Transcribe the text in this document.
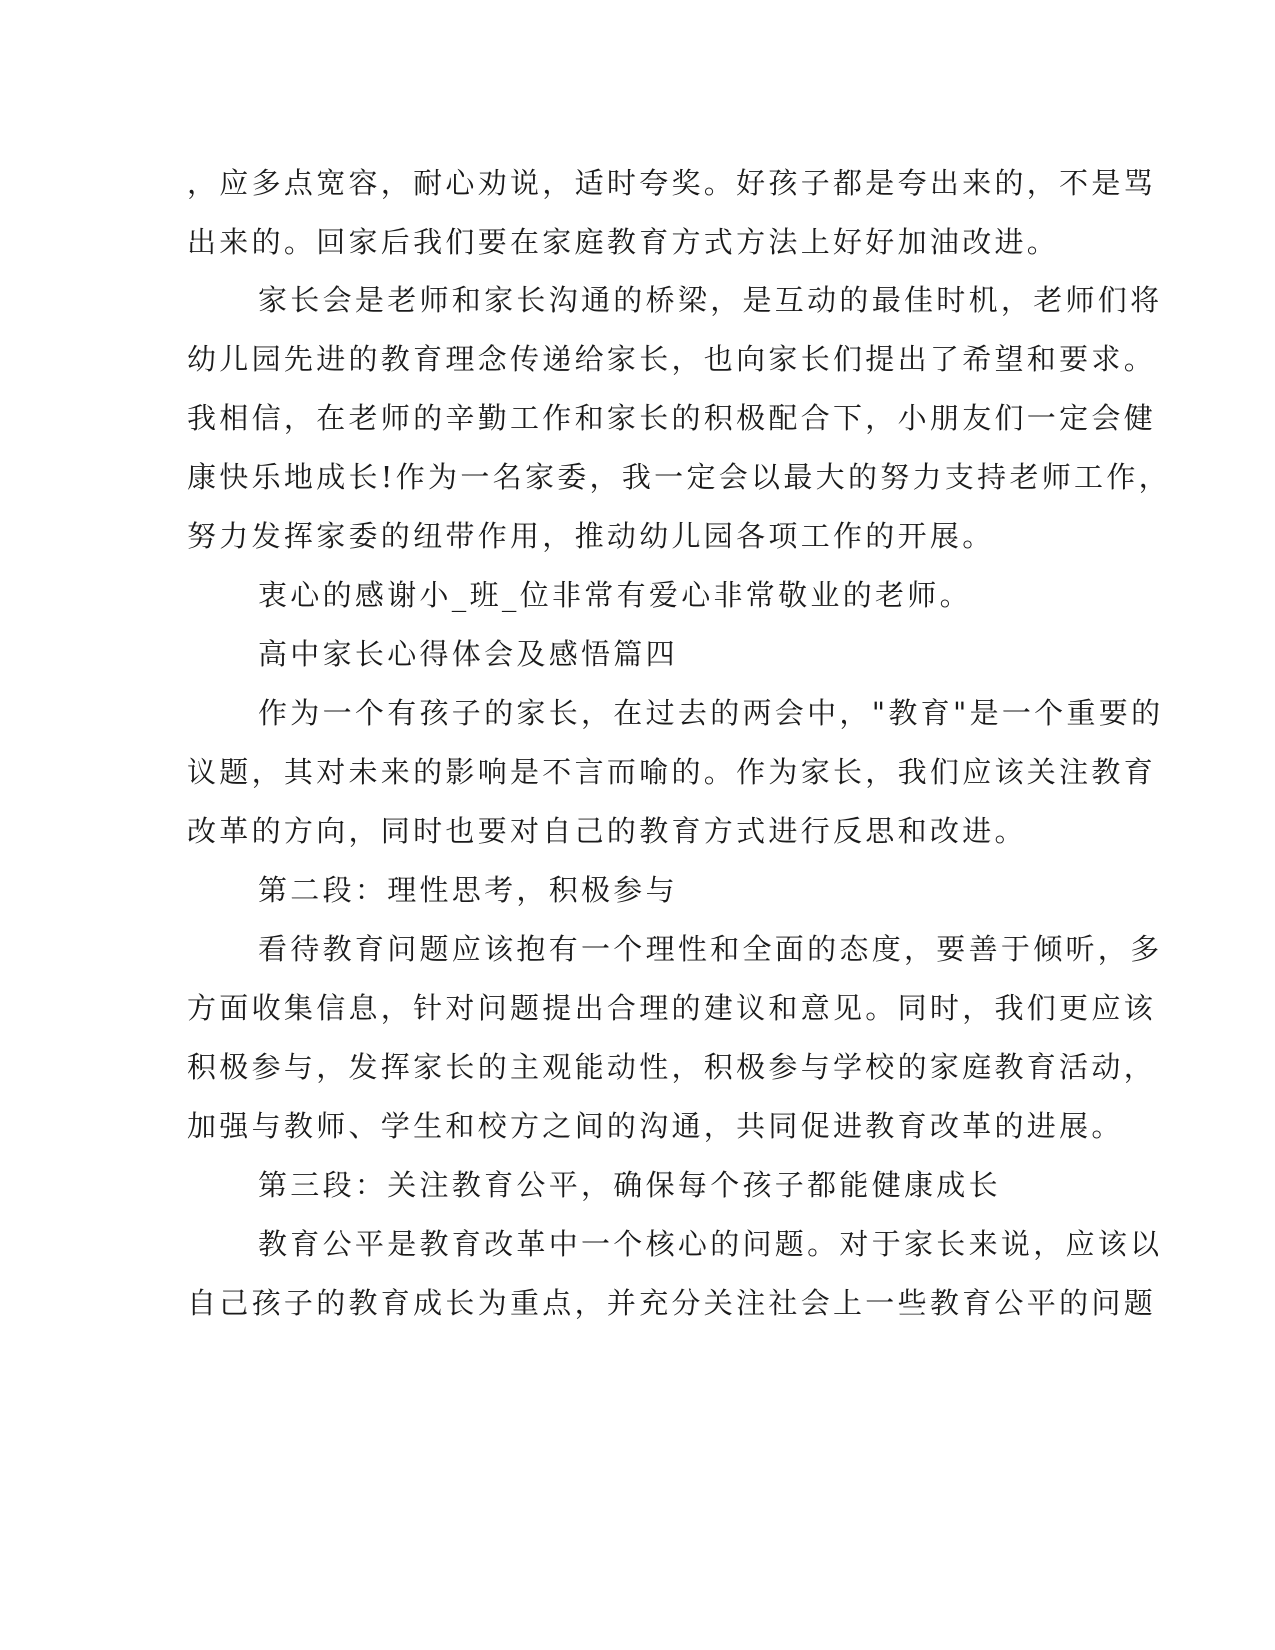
，应多点宽容，耐心劝说，适时夸奖。好孩子都是夸出来的，不是骂
出来的。回家后我们要在家庭教育方式方法上好好加油改进。
家长会是老师和家长沟通的桥梁，是互动的最佳时机，老师们将
幼儿园先进的教育理念传递给家长，也向家长们提出了希望和要求。
我相信，在老师的辛勤工作和家长的积极配合下，小朋友们一定会健
康快乐地成长!作为一名家委，我一定会以最大的努力支持老师工作，
努力发挥家委的纽带作用，推动幼儿园各项工作的开展。
衷心的感谢小_班_位非常有爱心非常敬业的老师。
高中家长心得体会及感悟篇四
作为一个有孩子的家长，在过去的两会中，"教育"是一个重要的
议题，其对未来的影响是不言而喻的。作为家长，我们应该关注教育
改革的方向，同时也要对自己的教育方式进行反思和改进。
第二段：理性思考，积极参与
看待教育问题应该抱有一个理性和全面的态度，要善于倾听，多
方面收集信息，针对问题提出合理的建议和意见。同时，我们更应该
积极参与，发挥家长的主观能动性，积极参与学校的家庭教育活动，
加强与教师、学生和校方之间的沟通，共同促进教育改革的进展。
第三段：关注教育公平，确保每个孩子都能健康成长
教育公平是教育改革中一个核心的问题。对于家长来说，应该以
自己孩子的教育成长为重点，并充分关注社会上一些教育公平的问题
